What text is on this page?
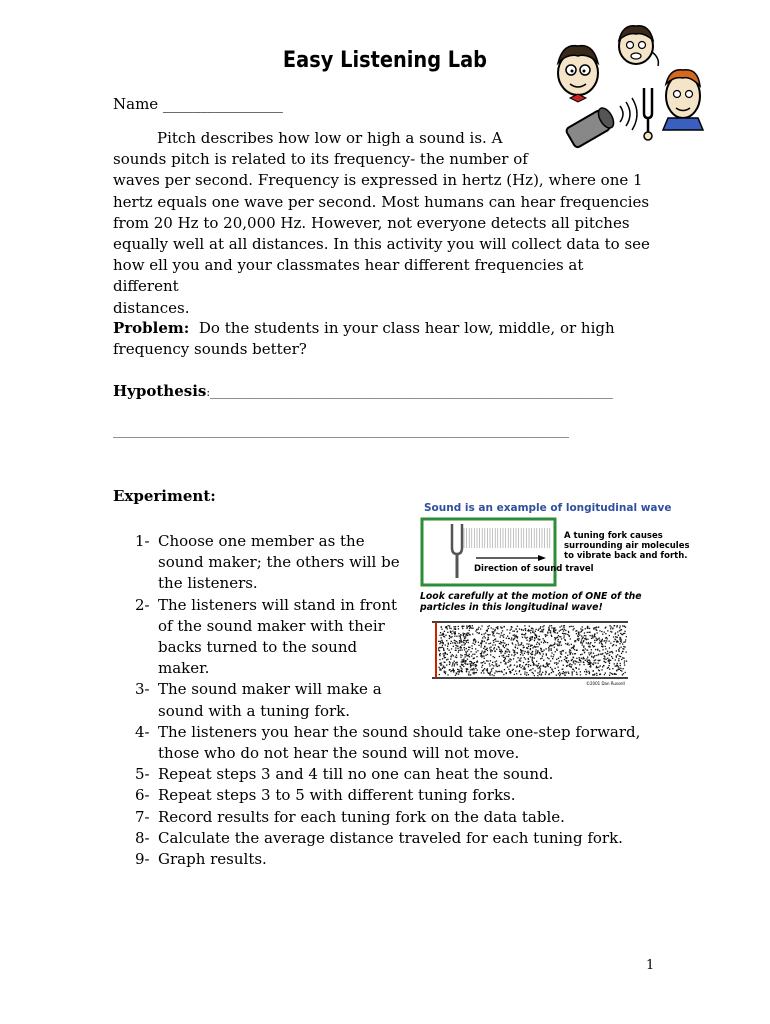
Easy Listening Lab
Name ________________
Pitch describes how low or high a sound is. A
sounds pitch is related to its frequency- the number of
waves per second. Frequency is expressed in hertz (Hz), where one 1
hertz equals one wave per second. Most humans can hear frequencies
from 20 Hz to 20,000 Hz. However, not everyone detects all pitches
equally well at all distances. In this activity you will collect data to see
how ell you and your classmates hear different frequencies at different
distances.
Problem: Do the students in your class hear low, middle, or high
frequency sounds better?
Hypothesis:____________________________________________________________________________
______________________________________________________________________________________
Experiment:
Sound is an example of longitudinal wave
Direction of sound travel
A tuning fork causes
surrounding air molecules
to vibrate back and forth.
Look carefully at the motion of ONE of the
particles in this longitudinal wave!
©2001 Dan Russell
1- Choose one member as the
sound maker; the others will be
the listeners.
2- The listeners will stand in front
of the sound maker with their
backs turned to the sound
maker.
3- The sound maker will make a
sound with a tuning fork.
4- The listeners you hear the sound should take one-step forward,
those who do not hear the sound will not move.
5- Repeat steps 3 and 4 till no one can heat the sound.
6- Repeat steps 3 to 5 with different tuning forks.
7- Record results for each tuning fork on the data table.
8- Calculate the average distance traveled for each tuning fork.
9- Graph results.
1
